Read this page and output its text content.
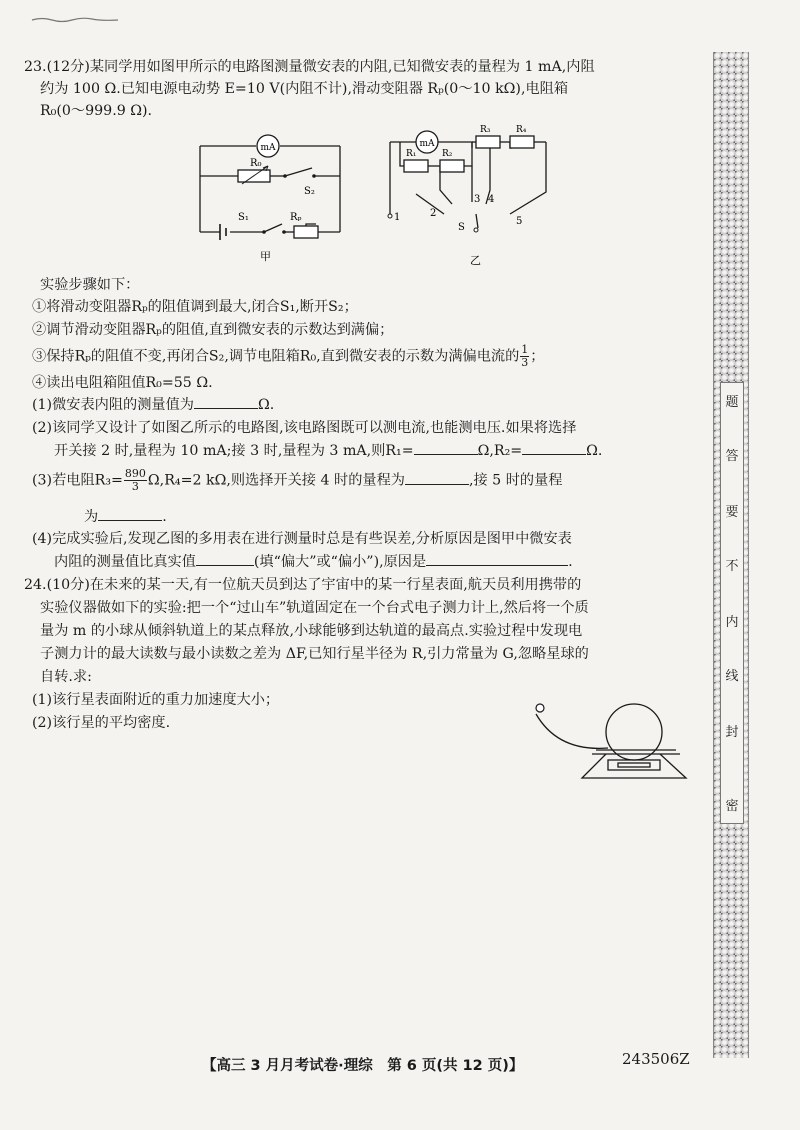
23.(12分)某同学用如图甲所示的电路图测量微安表的内阻,已知微安表的量程为 1 mA,内阻
约为 100 Ω.已知电源电动势 E=10 V(内阻不计),滑动变阻器 Rₚ(0～10 kΩ),电阻箱
R₀(0～999.9 Ω).
实验步骤如下：
①将滑动变阻器Rₚ的阻值调到最大,闭合S₁,断开S₂；
②调节滑动变阻器Rₚ的阻值,直到微安表的示数达到满偏；
③保持Rₚ的阻值不变,再闭合S₂,调节电阻箱R₀,直到微安表的示数为满偏电流的 $\frac{1}{3}$ ；
④读出电阻箱阻值R₀=55 Ω.
(1)微安表内阻的测量值为	Ω.
(2)该同学又设计了如图乙所示的电路图,该电路图既可以测电流,也能测电压.如果将选择
开关接 2 时,量程为 10 mA;接 3 时,量程为 3 mA,则R₁=	Ω,R₂=	Ω.
(3)若电阻$R_3= \frac{890}{3} \Omega,R_4=2$ kΩ,则选择开关接 4 时的量程为	,接 5 时的量程
为	.
(4)完成实验后,发现乙图的多用表在进行测量时总是有些误差,分析原因是图甲中微安表
内阻的测量值比真实值	(填“偏大”或“偏小”),原因是	.
24.(10分)在未来的某一天,有一位航天员到达了宇宙中的某一行星表面,航天员利用携带的
实验仪器做如下的实验:把一个“过山车”轨道固定在一个台式电子测力计上,然后将一个质
量为 m 的小球从倾斜轨道上的某点释放,小球能够到达轨道的最高点.实验过程中发现电
子测力计的最大读数与最小读数之差为 ΔF,已知行星半径为 R,引力常量为 G,忽略星球的
自转.求:
(1)该行星表面附近的重力加速度大小；
(2)该行星的平均密度.
mA
R₀
S₂
S₁	Rₚ
甲
mA
R₁	R₂
R₃	R₄
1	2
3 4
5
S
乙
题
答
要
不
内
线
封
密
【高三 3 月月考试卷·理综　第 6 页(共 12 页)】	243506Z
